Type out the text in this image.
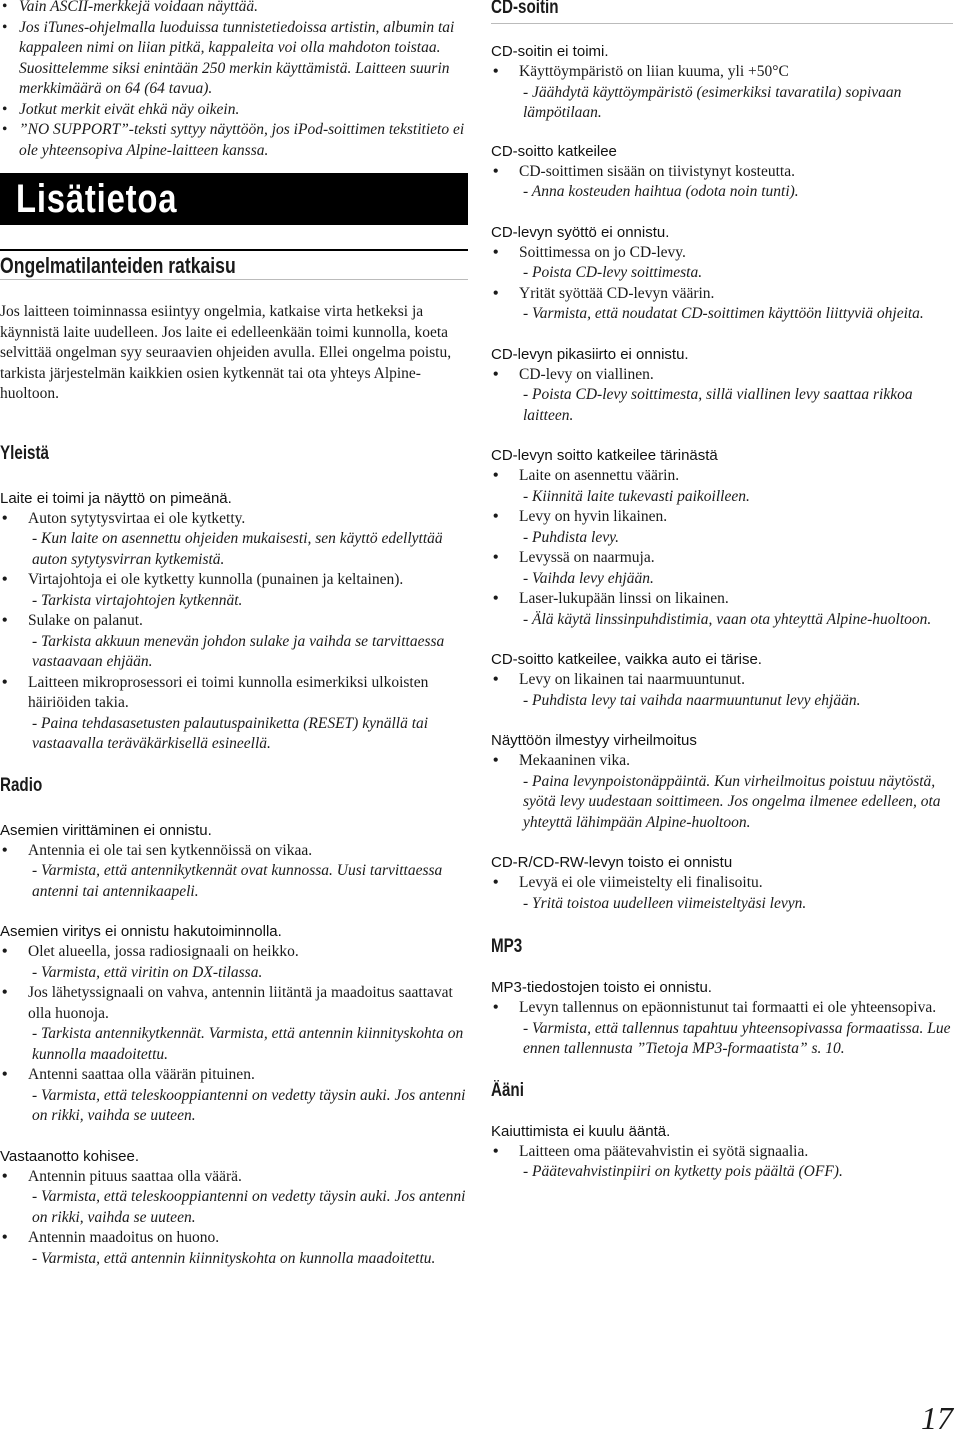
• Vain ASCII-merkkejä voidaan näyttää.
• Jos iTunes-ohjelmalla luoduissa tunnistetiedoissa artistin, albumin tai kappaleen nimi on liian pitkä, kappaleita voi olla mahdoton toistaa. Suosittelemme siksi enintään 250 merkin käyttämistä. Laitteen suurin merkkimäärä on 64 (64 tavua).
• Jotkut merkit eivät ehkä näy oikein.
• ”NO SUPPORT”-teksti syttyy näyttöön, jos iPod-soittimen tekstitieto ei ole yhteensopiva Alpine-laitteen kanssa.
Lisätietoa
Ongelmatilanteiden ratkaisu
Jos laitteen toiminnassa esiintyy ongelmia, katkaise virta hetkeksi ja käynnistä laite uudelleen. Jos laite ei edelleenkään toimi kunnolla, koeta selvittää ongelman syy seuraavien ohjeiden avulla. Ellei ongelma poistu, tarkista järjestelmän kaikkien osien kytkennät tai ota yhteys Alpine-huoltoon.
Yleistä
Laite ei toimi ja näyttö on pimeänä.
• Auton sytytysvirtaa ei ole kytketty.
- Kun laite on asennettu ohjeiden mukaisesti, sen käyttö edellyttää auton sytytysvirran kytkemistä.
• Virtajohtoja ei ole kytketty kunnolla (punainen ja keltainen).
- Tarkista virtajohtojen kytkennät.
• Sulake on palanut.
- Tarkista akkuun menevän johdon sulake ja vaihda se tarvittaessa vastaavaan ehjään.
• Laitteen mikroprosessori ei toimi kunnolla esimerkiksi ulkoisten häiriöiden takia.
- Paina tehdasasetusten palautuspainiketta (RESET) kynällä tai vastaavalla teräväkärkisellä esineellä.
Radio
Asemien virittäminen ei onnistu.
• Antennia ei ole tai sen kytkennöissä on vikaa.
- Varmista, että antennikytkennät ovat kunnossa. Uusi tarvittaessa antenni tai antennikaapeli.
Asemien viritys ei onnistu hakutoiminnolla.
• Olet alueella, jossa radiosignaali on heikko.
- Varmista, että viritin on DX-tilassa.
• Jos lähetyssignaali on vahva, antennin liitäntä ja maadoitus saattavat olla huonoja.
- Tarkista antennikytkennät. Varmista, että antennin kiinnityskohta on kunnolla maadoitettu.
• Antenni saattaa olla väärän pituinen.
- Varmista, että teleskooppiantenni on vedetty täysin auki. Jos antenni on rikki, vaihda se uuteen.
Vastaanotto kohisee.
• Antennin pituus saattaa olla väärä.
- Varmista, että teleskooppiantenni on vedetty täysin auki. Jos antenni on rikki, vaihda se uuteen.
• Antennin maadoitus on huono.
- Varmista, että antennin kiinnityskohta on kunnolla maadoitettu.
CD-soitin
CD-soitin ei toimi.
• Käyttöympäristö on liian kuuma, yli +50°C
- Jäähdytä käyttöympäristö (esimerkiksi tavaratila) sopivaan lämpötilaan.
CD-soitto katkeilee
• CD-soittimen sisään on tiivistynyt kosteutta.
- Anna kosteuden haihtua (odota noin tunti).
CD-levyn syöttö ei onnistu.
• Soittimessa on jo CD-levy.
- Poista CD-levy soittimesta.
• Yrität syöttää CD-levyn väärin.
- Varmista, että noudatat CD-soittimen käyttöön liittyviä ohjeita.
CD-levyn pikasiirto ei onnistu.
• CD-levy on viallinen.
- Poista CD-levy soittimesta, sillä viallinen levy saattaa rikkoa laitteen.
CD-levyn soitto katkeilee tärinästä
• Laite on asennettu väärin.
- Kiinnitä laite tukevasti paikoilleen.
• Levy on hyvin likainen.
- Puhdista levy.
• Levyssä on naarmuja.
- Vaihda levy ehjään.
• Laser-lukupään linssi on likainen.
- Älä käytä linssinpuhdistimia, vaan ota yhteyttä Alpine-huoltoon.
CD-soitto katkeilee, vaikka auto ei tärise.
• Levy on likainen tai naarmuuntunut.
- Puhdista levy tai vaihda naarmuuntunut levy ehjään.
Näyttöön ilmestyy virheilmoitus
• Mekaaninen vika.
- Paina levynpoistonäppäintä. Kun virheilmoitus poistuu näytöstä, syötä levy uudestaan soittimeen. Jos ongelma ilmenee edelleen, ota yhteyttä lähimpään Alpine-huoltoon.
CD-R/CD-RW-levyn toisto ei onnistu
• Levyä ei ole viimeistelty eli finalisoitu.
- Yritä toistoa uudelleen viimeisteltyäsi levyn.
MP3
MP3-tiedostojen toisto ei onnistu.
• Levyn tallennus on epäonnistunut tai formaatti ei ole yhteensopiva.
- Varmista, että tallennus tapahtuu yhteensopivassa formaatissa. Lue ennen tallennusta ”Tietoja MP3-formaatista” s. 10.
Ääni
Kaiuttimista ei kuulu ääntä.
• Laitteen oma päätevahvistin ei syötä signaalia.
- Päätevahvistinpiiri on kytketty pois päältä (OFF).
17
